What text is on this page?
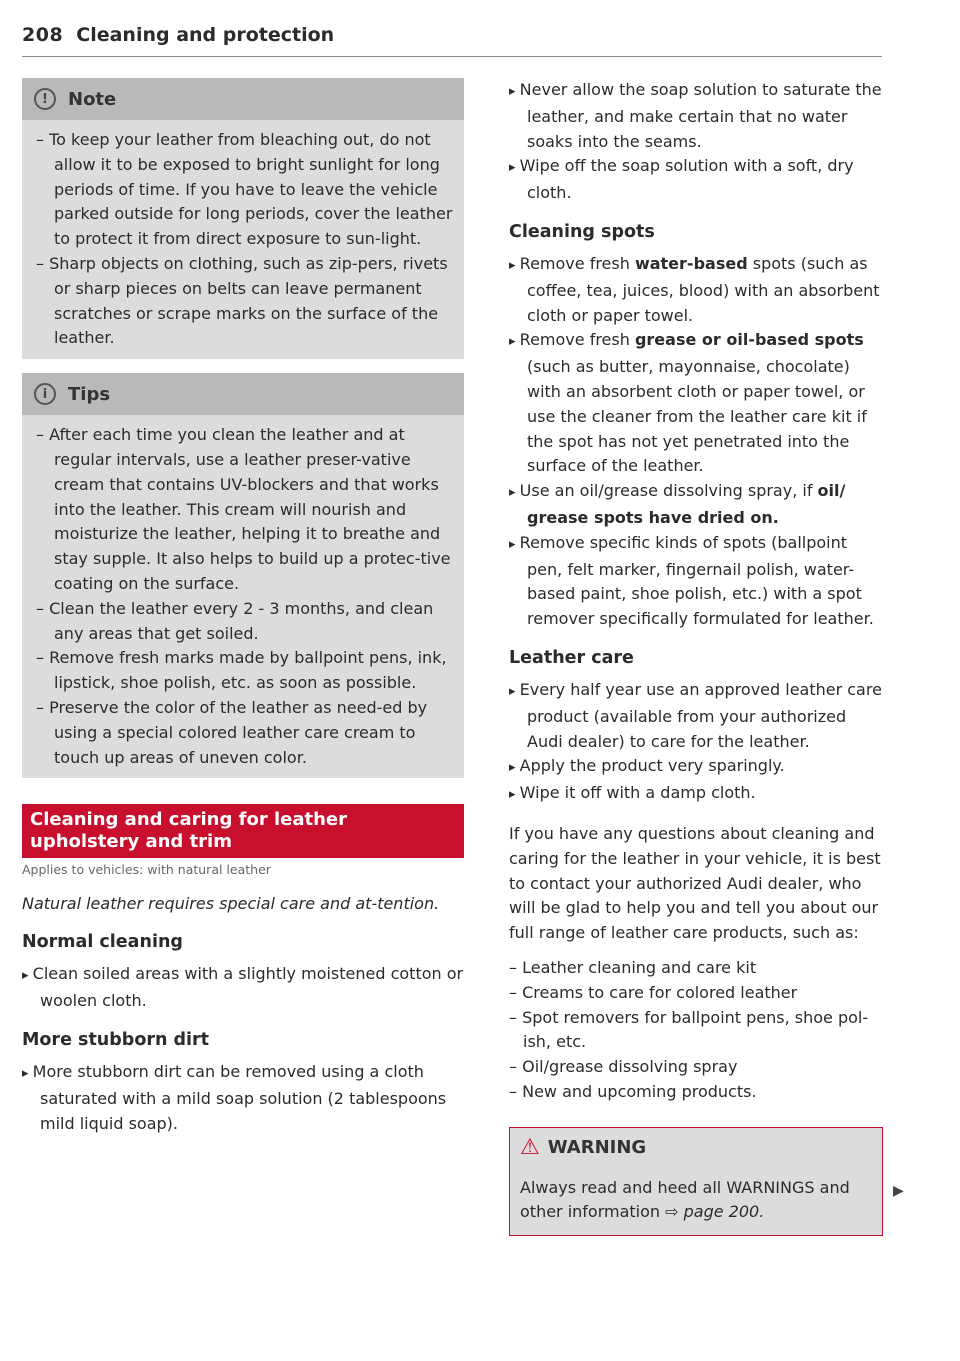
208 Cleaning and protection
!	Note
– To keep your leather from bleaching out, do not allow it to be exposed to bright sunlight for long periods of time. If you have to leave the vehicle parked outside for long periods, cover the leather to protect it from direct exposure to sun-light.
– Sharp objects on clothing, such as zip-pers, rivets or sharp pieces on belts can leave permanent scratches or scrape marks on the surface of the leather.
i	Tips
– After each time you clean the leather and at regular intervals, use a leather preser-vative cream that contains UV-blockers and that works into the leather. This cream will nourish and moisturize the leather, helping it to breathe and stay supple. It also helps to build up a protec-tive coating on the surface.
– Clean the leather every 2 - 3 months, and clean any areas that get soiled.
– Remove fresh marks made by ballpoint pens, ink, lipstick, shoe polish, etc. as soon as possible.
– Preserve the color of the leather as need-ed by using a special colored leather care cream to touch up areas of uneven color.
Cleaning and caring for leather upholstery and trim
Applies to vehicles: with natural leather
Natural leather requires special care and at-tention.
Normal cleaning

▸ Clean soiled areas with a slightly moistened cotton or woolen cloth.

More stubborn dirt

▸ More stubborn dirt can be removed using a cloth saturated with a mild soap solution (2 tablespoons mild liquid soap).

▸ Never allow the soap solution to saturate the leather, and make certain that no water soaks into the seams.

▸ Wipe off the soap solution with a soft, dry cloth.

Cleaning spots

▸ Remove fresh water-based spots (such as coffee, tea, juices, blood) with an absorbent cloth or paper towel.

▸ Remove fresh grease or oil-based spots (such as butter, mayonnaise, chocolate) with an absorbent cloth or paper towel, or use the cleaner from the leather care kit if the spot has not yet penetrated into the surface of the leather.

▸ Use an oil/grease dissolving spray, if oil/ grease spots have dried on.

▸ Remove specific kinds of spots (ballpoint pen, felt marker, fingernail polish, water-based paint, shoe polish, etc.) with a spot remover specifically formulated for leather.

Leather care

▸ Every half year use an approved leather care product (available from your authorized Audi dealer) to care for the leather.

▸ Apply the product very sparingly.

▸ Wipe it off with a damp cloth.

If you have any questions about cleaning and caring for the leather in your vehicle, it is best to contact your authorized Audi dealer, who will be glad to help you and tell you about our full range of leather care products, such as:

– Leather cleaning and care kit

– Creams to care for colored leather

– Spot removers for ballpoint pens, shoe pol-ish, etc.

– Oil/grease dissolving spray

– New and upcoming products.

⚠ WARNING
Always read and heed all WARNINGS and other information ⇨ page 200.
▶
